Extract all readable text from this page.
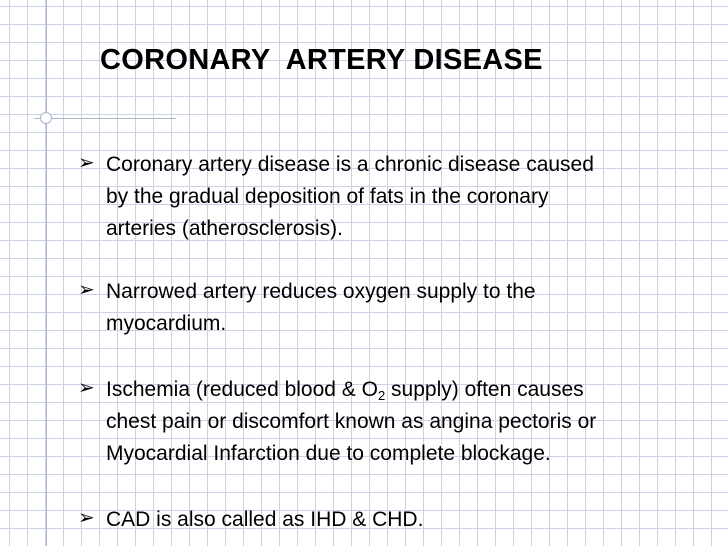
CORONARY  ARTERY DISEASE
➢ Coronary artery disease is a chronic disease caused
by the gradual deposition of fats in the coronary
arteries (atherosclerosis).
➢ Narrowed artery reduces oxygen supply to the
myocardium.
➢ Ischemia (reduced blood & $O_2$ supply) often causes
chest pain or discomfort known as angina pectoris or
Myocardial Infarction due to complete blockage.
➢ CAD is also called as IHD & CHD.
